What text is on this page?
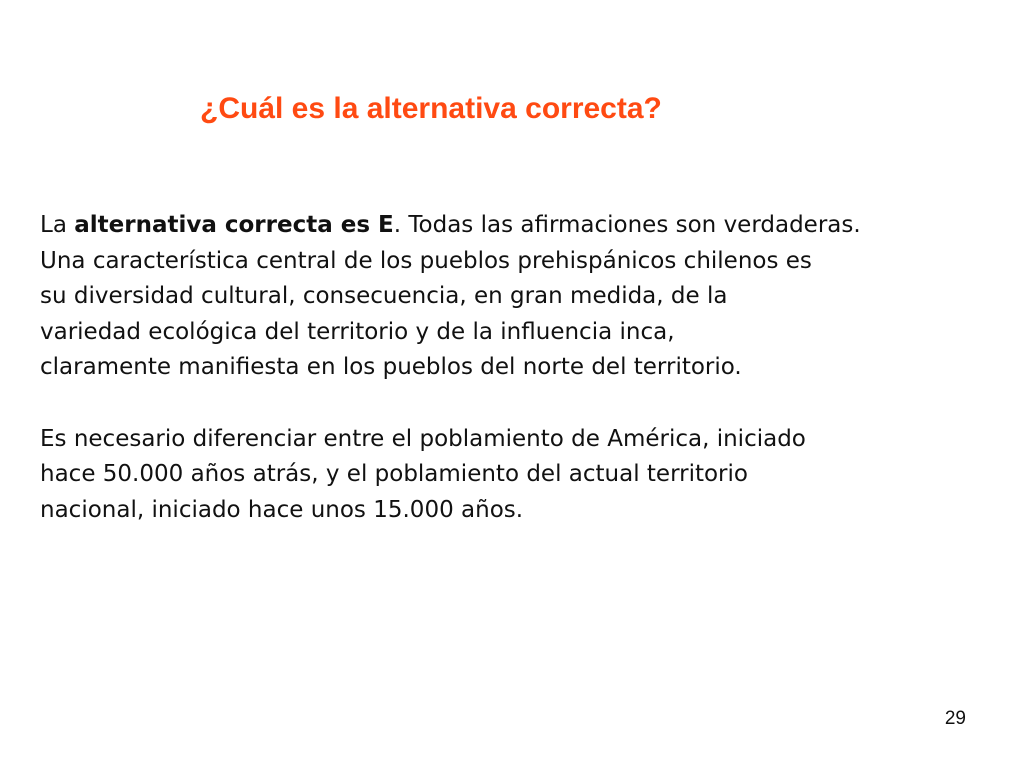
¿Cuál es la alternativa correcta?

La alternativa correcta es E. Todas las afirmaciones son verdaderas.
Una característica central de los pueblos prehispánicos chilenos es
su diversidad cultural, consecuencia, en gran medida, de la
variedad ecológica del territorio y de la influencia inca,
claramente manifiesta en los pueblos del norte del territorio.

Es necesario diferenciar entre el poblamiento de América, iniciado
hace 50.000 años atrás, y el poblamiento del actual territorio
nacional, iniciado hace unos 15.000 años.

29
